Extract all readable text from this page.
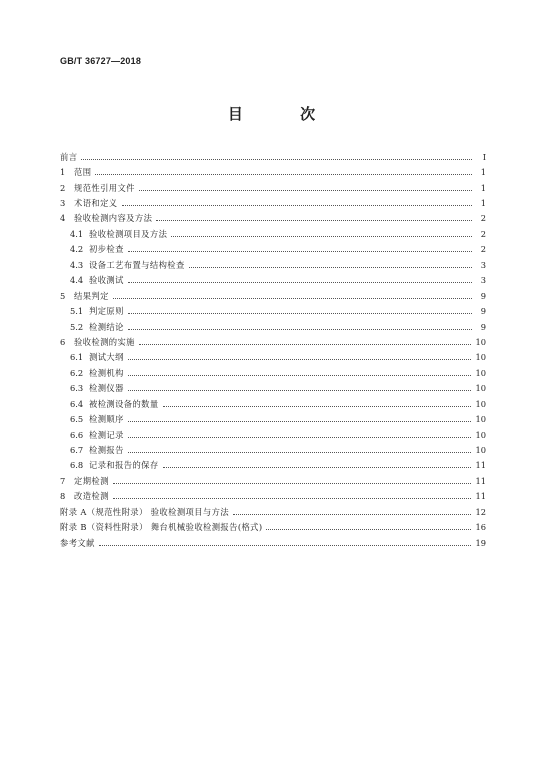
GB/T 36727—2018
目 次
前言	Ⅰ
1	范围	1
2	规范性引用文件	1
3	术语和定义	1
4	验收检测内容及方法	2
4.1 验收检测项目及方法	2
4.2 初步检查	2
4.3 设备工艺布置与结构检查	3
4.4 验收测试	3
5	结果判定	9
5.1 判定原则	9
5.2 检测结论	9
6	验收检测的实施	10
6.1 测试大纲	10
6.2 检测机构	10
6.3 检测仪器	10
6.4 被检测设备的数量	10
6.5 检测顺序	10
6.6 检测记录	10
6.7 检测报告	10
6.8 记录和报告的保存	11
7	定期检测	11
8	改造检测	11
附录 A（规范性附录） 验收检测项目与方法	12
附录 B（资料性附录） 舞台机械验收检测报告(格式)	16
参考文献	19
